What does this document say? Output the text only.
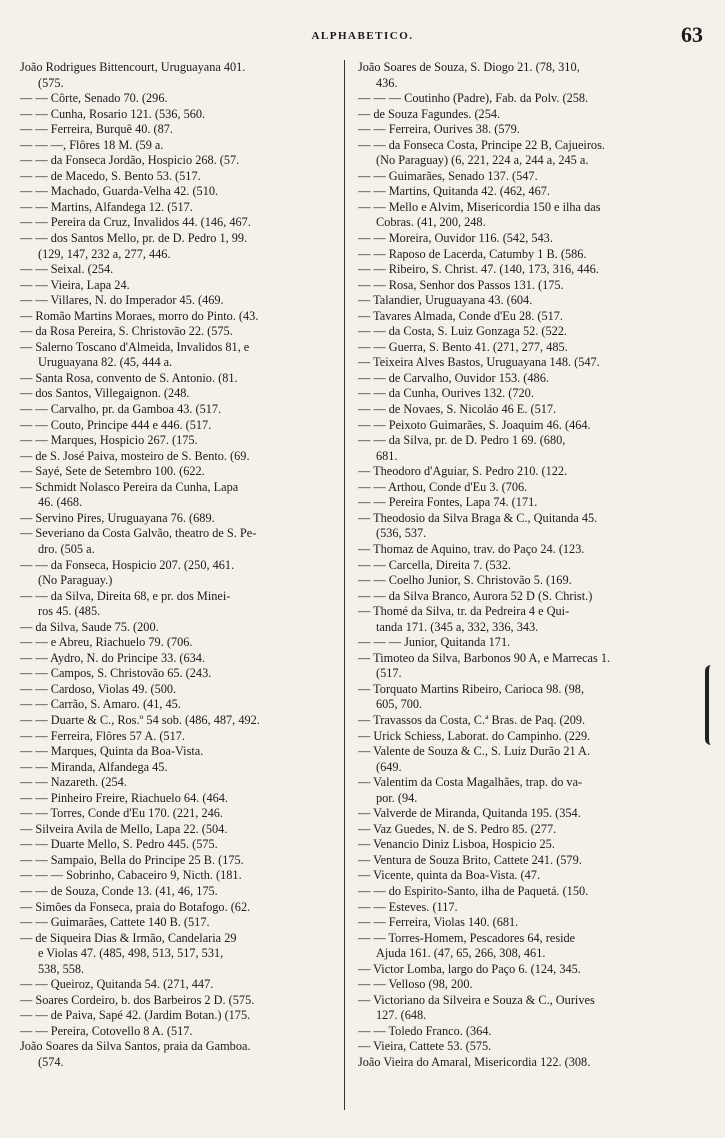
ALPHABETICO.	63
João Rodrigues Bittencourt, Uruguayana 401.
(575.
— — Côrte, Senado 70. (296.
— — Cunha, Rosario 121. (536, 560.
— — Ferreira, Burquê 40. (87.
— — —, Flôres 18 M. (59 a.
— — da Fonseca Jordão, Hospicio 268. (57.
— — de Macedo, S. Bento 53. (517.
— — Machado, Guarda-Velha 42. (510.
— — Martins, Alfandega 12. (517.
— — Pereira da Cruz, Invalidos 44. (146, 467.
— — dos Santos Mello, pr. de D. Pedro 1, 99.
(129, 147, 232 a, 277, 446.
— — Seixal. (254.
— — Vieira, Lapa 24.
— — Villares, N. do Imperador 45. (469.
— Romão Martins Moraes, morro do Pinto. (43.
— da Rosa Pereira, S. Christovão 22. (575.
— Salerno Toscano d'Almeida, Invalidos 81, e
Uruguayana 82. (45, 444 a.
— Santa Rosa, convento de S. Antonio. (81.
— dos Santos, Villegaignon. (248.
— — Carvalho, pr. da Gamboa 43. (517.
— — Couto, Principe 444 e 446. (517.
— — Marques, Hospicio 267. (175.
— de S. José Paiva, mosteiro de S. Bento. (69.
— Sayé, Sete de Setembro 100. (622.
— Schmidt Nolasco Pereira da Cunha, Lapa
46. (468.
— Servino Pires, Uruguayana 76. (689.
— Severiano da Costa Galvão, theatro de S. Pe-
dro. (505 a.
— — da Fonseca, Hospicio 207. (250, 461.
(No Paraguay.)
— — da Silva, Direita 68, e pr. dos Minei-
ros 45. (485.
— da Silva, Saude 75. (200.
— — e Abreu, Riachuelo 79. (706.
— — Aydro, N. do Principe 33. (634.
— — Campos, S. Christovão 65. (243.
— — Cardoso, Violas 49. (500.
— — Carrão, S. Amaro. (41, 45.
— — Duarte & C., Ros.º 54 sob. (486, 487, 492.
— — Ferreira, Flôres 57 A. (517.
— — Marques, Quinta da Boa-Vista.
— — Miranda, Alfandega 45.
— — Nazareth. (254.
— — Pinheiro Freire, Riachuelo 64. (464.
— — Torres, Conde d'Eu 170. (221, 246.
— Silveira Avila de Mello, Lapa 22. (504.
— — Duarte Mello, S. Pedro 445. (575.
— — Sampaio, Bella do Principe 25 B. (175.
— — — Sobrinho, Cabaceiro 9, Nicth. (181.
— — de Souza, Conde 13. (41, 46, 175.
— Simões da Fonseca, praia do Botafogo. (62.
— — Guimarães, Cattete 140 B. (517.
— de Siqueira Dias & Irmão, Candelaria 29
e Violas 47. (485, 498, 513, 517, 531,
538, 558.
— — Queiroz, Quitanda 54. (271, 447.
— Soares Cordeiro, b. dos Barbeiros 2 D. (575.
— — de Paiva, Sapé 42. (Jardim Botan.) (175.
— — Pereira, Cotovello 8 A. (517.
João Soares da Silva Santos, praia da Gamboa.
(574.
João Soares de Souza, S. Diogo 21. (78, 310,
436.
— — — Coutinho (Padre), Fab. da Polv. (258.
— de Souza Fagundes. (254.
— — Ferreira, Ourives 38. (579.
— — da Fonseca Costa, Principe 22 B, Cajueiros.
(No Paraguay) (6, 221, 224 a, 244 a, 245 a.
— — Guimarães, Senado 137. (547.
— — Martins, Quitanda 42. (462, 467.
— — Mello e Alvim, Misericordia 150 e ilha das
Cobras. (41, 200, 248.
— — Moreira, Ouvidor 116. (542, 543.
— — Raposo de Lacerda, Catumby 1 B. (586.
— — Ribeiro, S. Christ. 47. (140, 173, 316, 446.
— — Rosa, Senhor dos Passos 131. (175.
— Talandier, Uruguayana 43. (604.
— Tavares Almada, Conde d'Eu 28. (517.
— — da Costa, S. Luiz Gonzaga 52. (522.
— — Guerra, S. Bento 41. (271, 277, 485.
— Teixeira Alves Bastos, Uruguayana 148. (547.
— — de Carvalho, Ouvidor 153. (486.
— — da Cunha, Ourives 132. (720.
— — de Novaes, S. Nicoláo 46 E. (517.
— — Peixoto Guimarães, S. Joaquim 46. (464.
— — da Silva, pr. de D. Pedro 1 69. (680,
681.
— Theodoro d'Aguiar, S. Pedro 210. (122.
— — Arthou, Conde d'Eu 3. (706.
— — Pereira Fontes, Lapa 74. (171.
— Theodosio da Silva Braga & C., Quitanda 45.
(536, 537.
— Thomaz de Aquino, trav. do Paço 24. (123.
— — Carcella, Direita 7. (532.
— — Coelho Junior, S. Christovão 5. (169.
— — da Silva Branco, Aurora 52 D (S. Christ.)
— Thomé da Silva, tr. da Pedreira 4 e Qui-
tanda 171. (345 a, 332, 336, 343.
— — — Junior, Quitanda 171.
— Timoteo da Silva, Barbonos 90 A, e Marrecas 1.
(517.
— Torquato Martins Ribeiro, Carioca 98. (98,
605, 700.
— Travassos da Costa, C.ª Bras. de Paq. (209.
— Urick Schiess, Laborat. do Campinho. (229.
— Valente de Souza & C., S. Luiz Durão 21 A.
(649.
— Valentim da Costa Magalhães, trap. do va-
por. (94.
— Valverde de Miranda, Quitanda 195. (354.
— Vaz Guedes, N. de S. Pedro 85. (277.
— Venancio Diniz Lisboa, Hospicio 25.
— Ventura de Souza Brito, Cattete 241. (579.
— Vicente, quinta da Boa-Vista. (47.
— — do Espirito-Santo, ilha de Paquetá. (150.
— — Esteves. (117.
— — Ferreira, Violas 140. (681.
— — Torres-Homem, Pescadores 64, reside
Ajuda 161. (47, 65, 266, 308, 461.
— Victor Lomba, largo do Paço 6. (124, 345.
— — Velloso (98, 200.
— Victoriano da Silveira e Souza & C., Ourives
127. (648.
— — Toledo Franco. (364.
— Vieira, Cattete 53. (575.
João Vieira do Amaral, Misericordia 122. (308.
